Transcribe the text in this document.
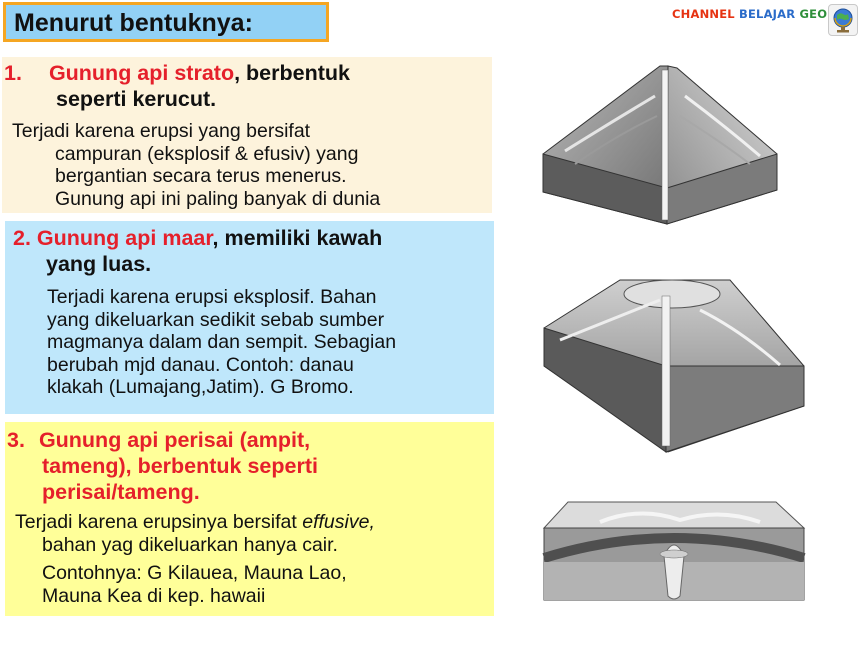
Menurut bentuknya:	CHANNEL BELAJAR GEO
1. Gunung api strato, berbentuk
seperti kerucut.
Terjadi karena erupsi yang bersifat
campuran (eksplosif & efusiv) yang
bergantian secara terus menerus.
Gunung api ini paling banyak di dunia
2. Gunung api maar, memiliki kawah
yang luas.
Terjadi karena erupsi eksplosif. Bahan
yang dikeluarkan sedikit sebab sumber
magmanya dalam dan sempit. Sebagian
berubah mjd danau. Contoh: danau
klakah (Lumajang,Jatim). G Bromo.
3. Gunung api perisai (ampit,
tameng), berbentuk seperti
perisai/tameng.
Terjadi karena erupsinya bersifat effusive,
bahan yag dikeluarkan hanya cair.
Contohnya: G Kilauea, Mauna Lao,
Mauna Kea di kep. hawaii
